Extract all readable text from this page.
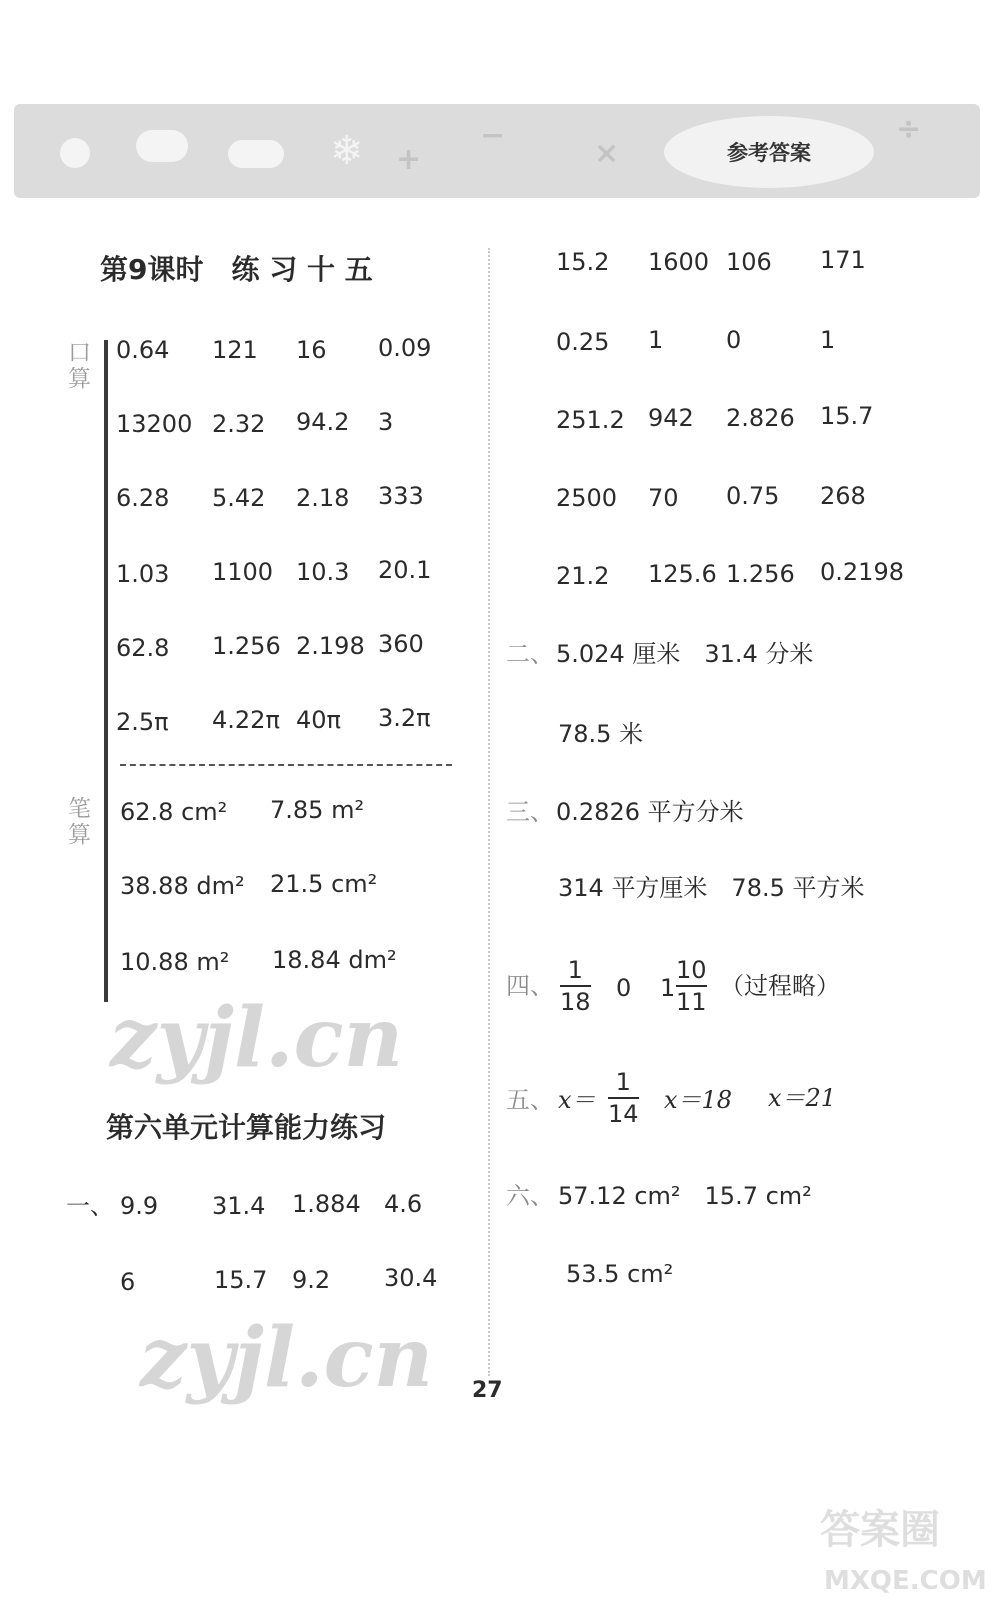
❄ +
−
×
÷
参考答案
第9课时　练 习 十 五
口算
0.64 121 16 0.09
13200 2.32 94.2 3
6.28 5.42 2.18 333
1.03 1100 10.3 20.1
62.8 1.256 2.198 360
2.5π 4.22π 40π 3.2π
笔算
62.8 cm² 7.85 m²
38.88 dm² 21.5 cm²
10.88 m² 18.84 dm²
zyjl.cn
第六单元计算能力练习
一、 9.9 31.4 1.884 4.6
6	15.7 9.2 30.4
zyjl.cn
15.2 1600 106 171
0.25 1	0	1
251.2 942 2.826 15.7
2500 70 0.75 268
21.2 125.6 1.256 0.2198
二、 5.024 厘米　31.4 分米
78.5 米
三、 0.2826 平方分米
314 平方厘米　78.5 平方米
四、
1
18 0 1
10
11
（过程略）
五、 x＝
1
14 x＝18 x＝21
六、 57.12 cm²　15.7 cm²
53.5 cm²
27
答案圈
MXQE.COM
